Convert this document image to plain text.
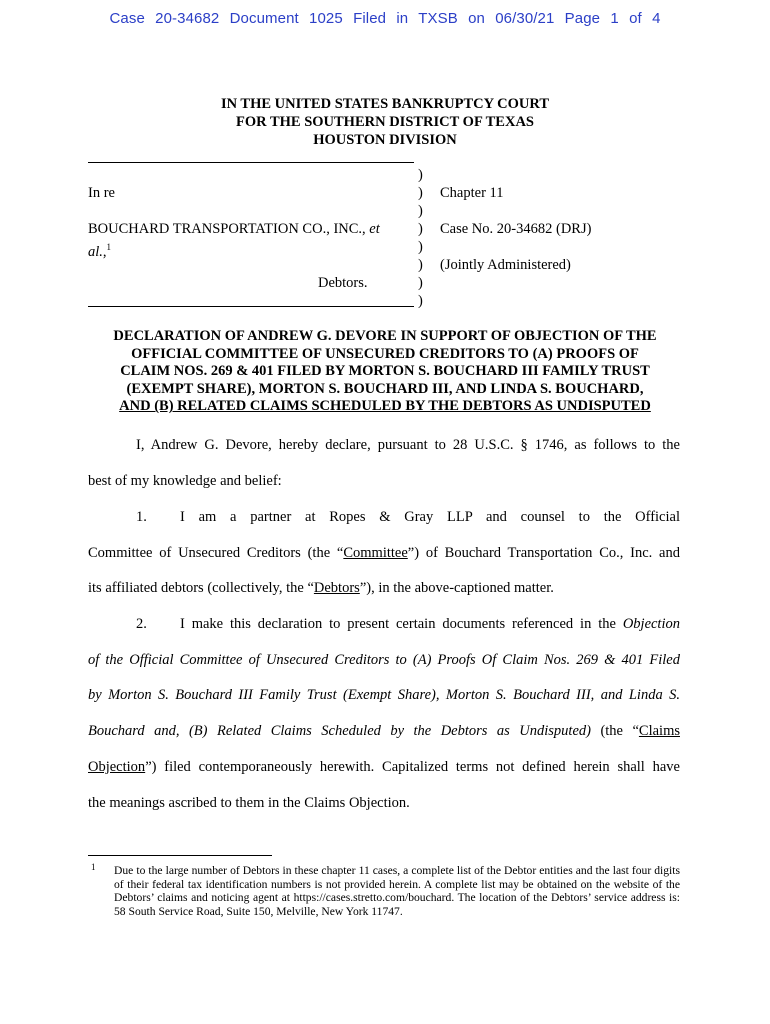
Case 20-34682 Document 1025 Filed in TXSB on 06/30/21 Page 1 of 4
IN THE UNITED STATES BANKRUPTCY COURT
FOR THE SOUTHERN DISTRICT OF TEXAS
HOUSTON DIVISION
)
)
)
)
)
)
)
)
In re
BOUCHARD TRANSPORTATION CO., INC., et
al.,$^1$
Debtors.
Chapter 11
Case No. 20-34682 (DRJ)
(Jointly Administered)
DECLARATION OF ANDREW G. DEVORE IN SUPPORT OF OBJECTION OF THE
OFFICIAL COMMITTEE OF UNSECURED CREDITORS TO (A) PROOFS OF
CLAIM NOS. 269 & 401 FILED BY MORTON S. BOUCHARD III FAMILY TRUST
(EXEMPT SHARE), MORTON S. BOUCHARD III, AND LINDA S. BOUCHARD,
AND (B) RELATED CLAIMS SCHEDULED BY THE DEBTORS AS UNDISPUTED
I, Andrew G. Devore, hereby declare, pursuant to 28 U.S.C. § 1746, as follows to the
best of my knowledge and belief:
1. I am a partner at Ropes & Gray LLP and counsel to the Official
Committee of Unsecured Creditors (the “Committee”) of Bouchard Transportation Co., Inc. and
its affiliated debtors (collectively, the “Debtors”), in the above-captioned matter.
2. I make this declaration to present certain documents referenced in the Objection
of the Official Committee of Unsecured Creditors to (A) Proofs Of Claim Nos. 269 & 401 Filed
by Morton S. Bouchard III Family Trust (Exempt Share), Morton S. Bouchard III, and Linda S.
Bouchard and, (B) Related Claims Scheduled by the Debtors as Undisputed) (the “Claims
Objection”) filed contemporaneously herewith. Capitalized terms not defined herein shall have
the meanings ascribed to them in the Claims Objection.
1 Due to the large number of Debtors in these chapter 11 cases, a complete list of the Debtor entities and the last four digits of their federal tax identification numbers is not provided herein. A complete list may be obtained on the website of the Debtors’ claims and noticing agent at https://cases.stretto.com/bouchard. The location of the Debtors’ service address is: 58 South Service Road, Suite 150, Melville, New York 11747.
